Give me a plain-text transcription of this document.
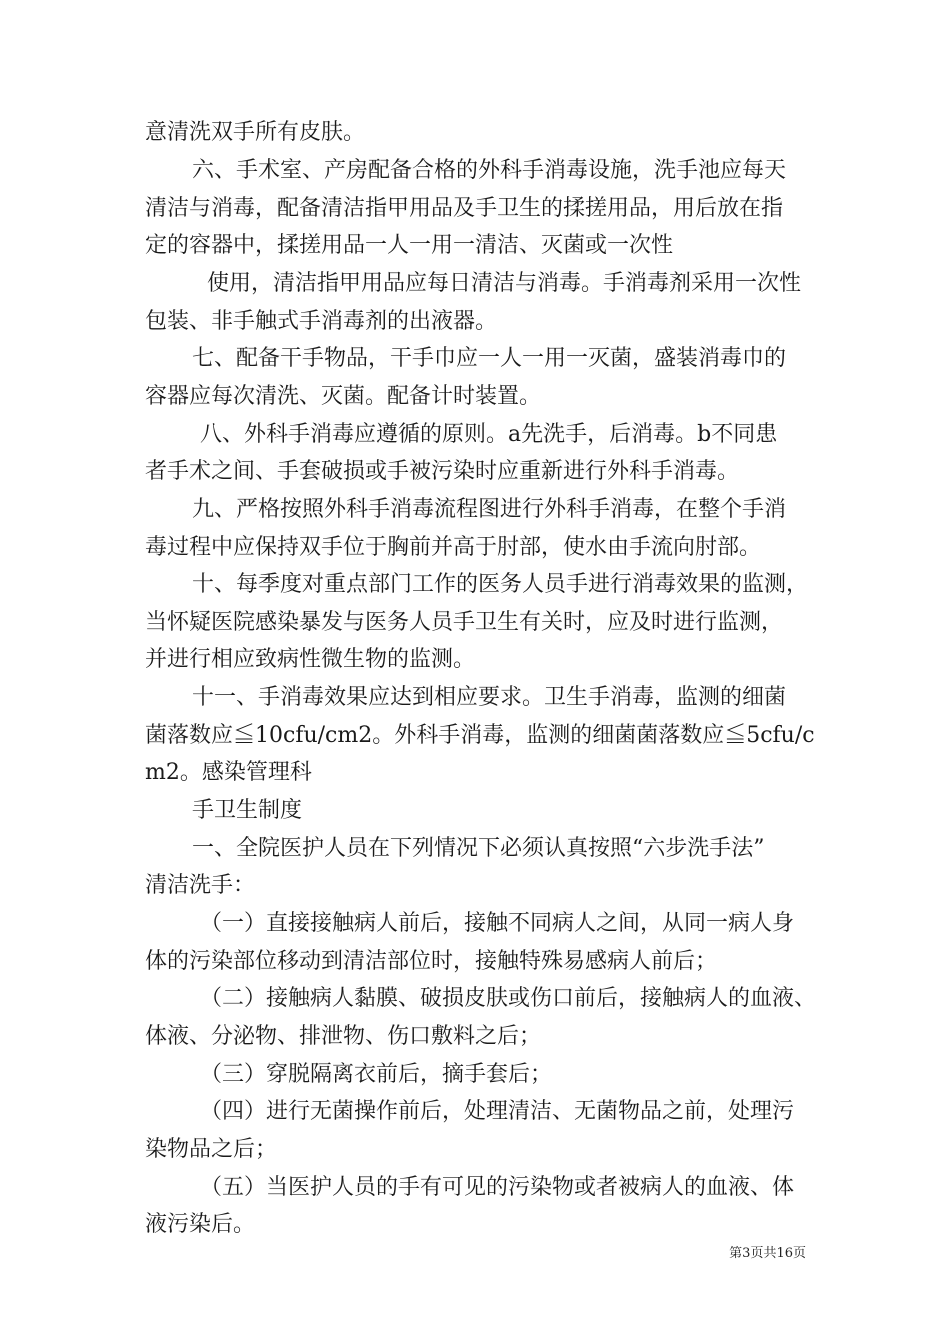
意清洗双手所有皮肤。

六、手术室、产房配备合格的外科手消毒设施，洗手池应每天

清洁与消毒，配备清洁指甲用品及手卫生的揉搓用品，用后放在指

定的容器中，揉搓用品一人一用一清洁、灭菌或一次性

使用，清洁指甲用品应每日清洁与消毒。手消毒剂采用一次性

包装、非手触式手消毒剂的出液器。

七、配备干手物品，干手巾应一人一用一灭菌，盛装消毒巾的

容器应每次清洗、灭菌。配备计时装置。

八、外科手消毒应遵循的原则。a先洗手，后消毒。b不同患

者手术之间、手套破损或手被污染时应重新进行外科手消毒。

九、严格按照外科手消毒流程图进行外科手消毒，在整个手消

毒过程中应保持双手位于胸前并高于肘部，使水由手流向肘部。

十、每季度对重点部门工作的医务人员手进行消毒效果的监测，

当怀疑医院感染暴发与医务人员手卫生有关时，应及时进行监测，

并进行相应致病性微生物的监测。

十一、手消毒效果应达到相应要求。卫生手消毒，监测的细菌

菌落数应≦10cfu/cm2。外科手消毒，监测的细菌菌落数应≦5cfu/c

m2。感染管理科

手卫生制度

一、全院医护人员在下列情况下必须认真按照“六步洗手法”

清洁洗手：

（一）直接接触病人前后，接触不同病人之间，从同一病人身

体的污染部位移动到清洁部位时，接触特殊易感病人前后；

（二）接触病人黏膜、破损皮肤或伤口前后，接触病人的血液、

体液、分泌物、排泄物、伤口敷料之后；

（三）穿脱隔离衣前后，摘手套后；

（四）进行无菌操作前后，处理清洁、无菌物品之前，处理污

染物品之后；

（五）当医护人员的手有可见的污染物或者被病人的血液、体

液污染后。

第3页共16页
